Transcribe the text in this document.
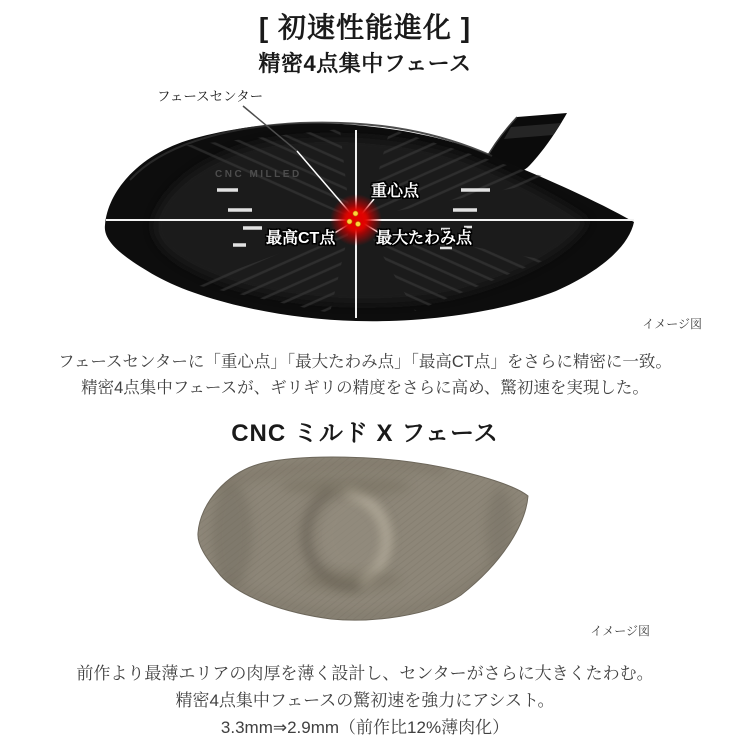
[ 初速性能進化 ]
精密4点集中フェース
CNC MILLED
フェースセンター
重心点
最高CT点	最大たわみ点
イメージ図

フェースセンターに「重心点」「最大たわみ点」「最高CT点」をさらに精密に一致。
精密4点集中フェースが、ギリギリの精度をさらに高め、驚初速を実現した。

CNC ミルド X フェース
イメージ図

前作より最薄エリアの肉厚を薄く設計し、センターがさらに大きくたわむ。
精密4点集中フェースの驚初速を強力にアシスト。
3.3mm⇒2.9mm（前作比12%薄肉化）
